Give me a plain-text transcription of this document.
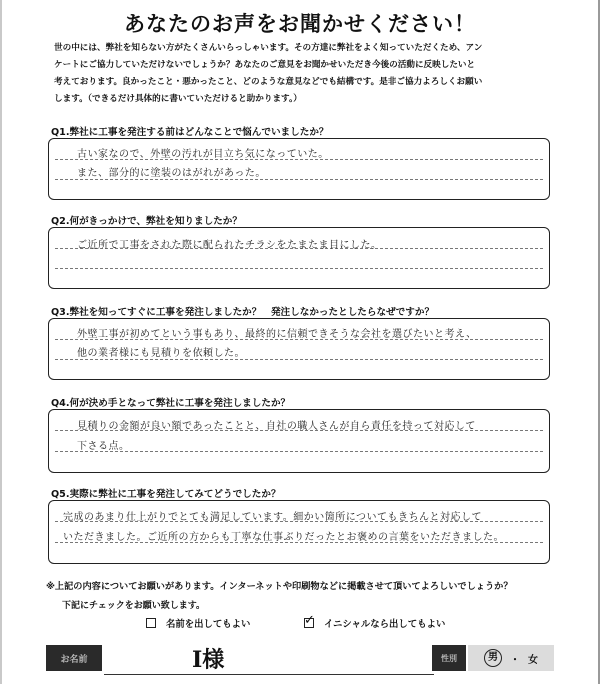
あなたのお声をお聞かせください！
世の中には、弊社を知らない方がたくさんいらっしゃいます。その方達に弊社をよく知っていただくため、アン
ケートにご協力していただけないでしょうか？あなたのご意見をお聞かせいただき今後の活動に反映したいと
考えております。良かったこと・悪かったこと、どのような意見などでも結構です。是非ご協力よろしくお願い
します。（できるだけ具体的に書いていただけると助かります。）
Q1.弊社に工事を発注する前はどんなことで悩んでいましたか？
古い家なので、外壁の汚れが目立ち気になっていた。
また、部分的に塗装のはがれがあった。
Q2.何がきっかけで、弊社を知りましたか？
ご近所で工事をされた際に配られたチラシをたまたま目にした。
Q3.弊社を知ってすぐに工事を発注しましたか？　発注しなかったとしたらなぜですか？
外壁工事が初めてという事もあり、最終的に信頼できそうな会社を選びたいと考え、
他の業者様にも見積りを依頼した。
Q4.何が決め手となって弊社に工事を発注しましたか？
見積りの金額が良い額であったことと、自社の職人さんが自ら責任を持って対応して
下さる点。
Q5.実際に弊社に工事を発注してみてどうでしたか？
完成のあまり仕上がりでとても満足しています。細かい箇所についてもきちんと対応して
いただきました。ご近所の方からも丁寧な仕事ぶりだったとお褒めの言葉をいただきました。
※上記の内容についてお願いがあります。インターネットや印刷物などに掲載させて頂いてよろしいでしょうか？
下記にチェックをお願い致します。
名前を出してもよい	✓ イニシャルなら出してもよい
お名前	I様	性別	男	・ 女
